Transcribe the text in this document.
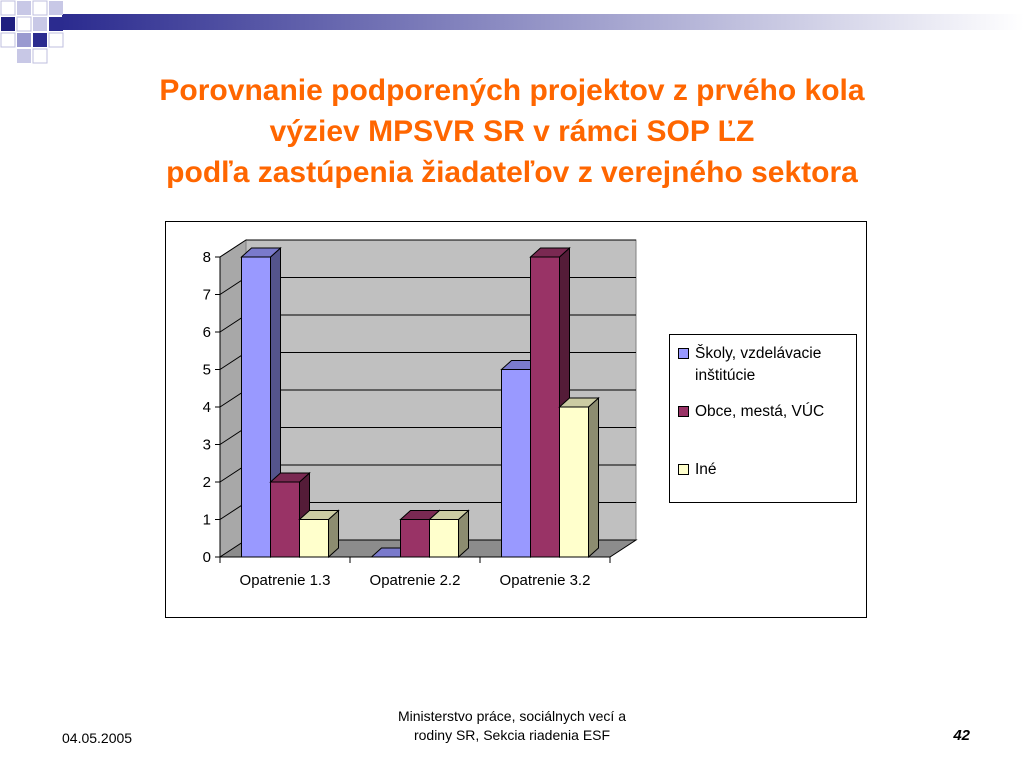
Porovnanie podporených projektov z prvého kola
výziev MPSVR SR v rámci SOP ĽZ
podľa zastúpenia žiadateľov z verejného sektora
0
1
2
3
4
5
6
7
8
Opatrenie 1.3	Opatrenie 2.2	Opatrenie 3.2
Školy, vzdelávacie inštitúcie
Obce, mestá, VÚC
Iné
04.05.2005
Ministerstvo práce, sociálnych vecí a
rodiny SR, Sekcia riadenia ESF	42
